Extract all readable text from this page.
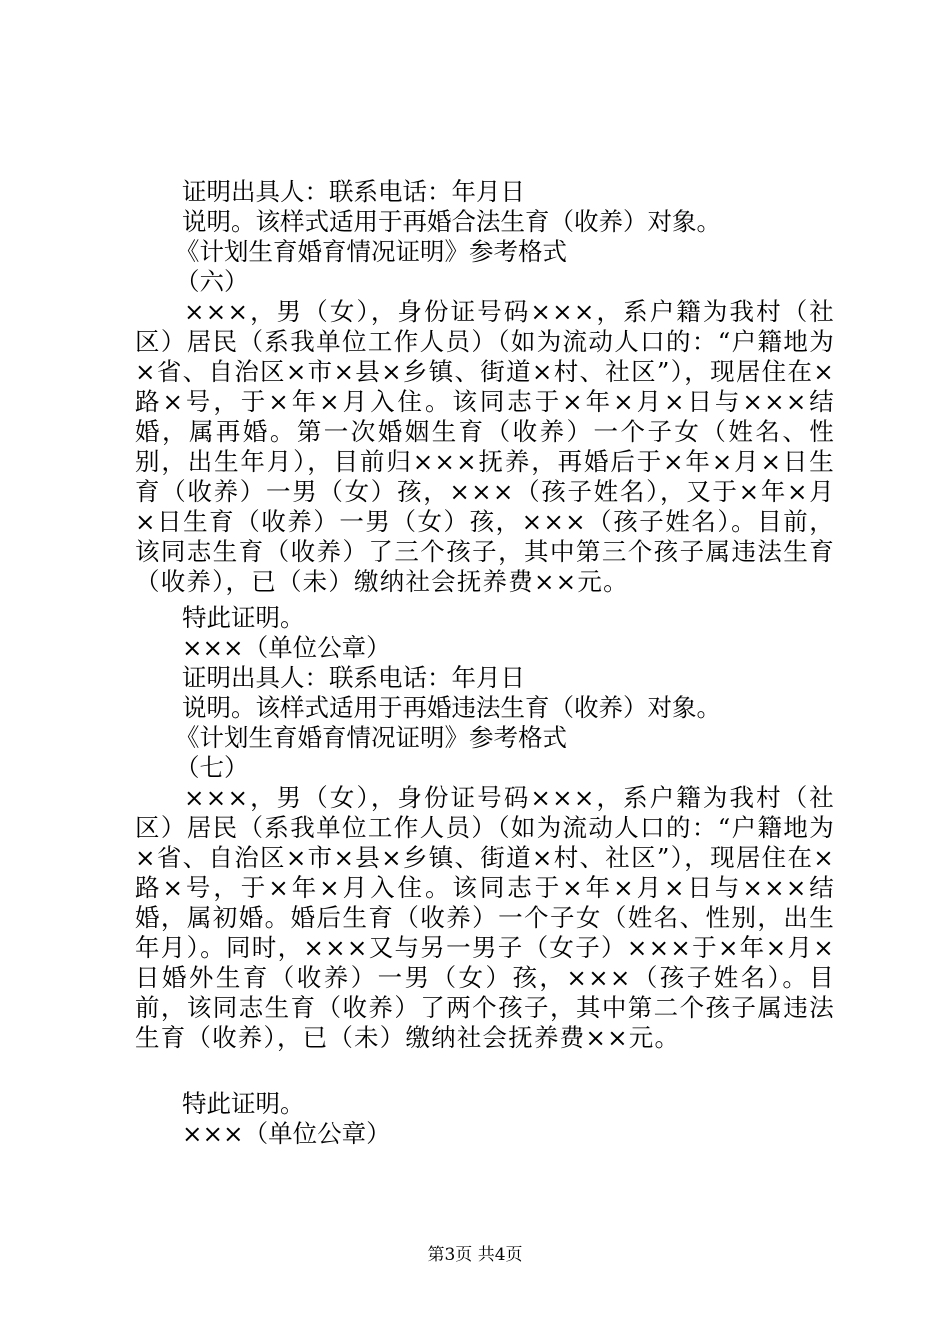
证明出具人：联系电话：年月日
说明。该样式适用于再婚合法生育（收养）对象。
《计划生育婚育情况证明》参考格式
（六）

×××，男（女），身份证号码×××，系户籍为我村（社区）居民（系我单位工作人员）（如为流动人口的：“户籍地为×省、自治区×市×县×乡镇、街道×村、社区”），现居住在×路×号，于×年×月入住。该同志于×年×月×日与×××结婚，属再婚。第一次婚姻生育（收养）一个子女（姓名、性别，出生年月），目前归×××抚养，再婚后于×年×月×日生育（收养）一男（女）孩，×××（孩子姓名），又于×年×月×日生育（收养）一男（女）孩，×××（孩子姓名）。目前，该同志生育（收养）了三个孩子，其中第三个孩子属违法生育（收养），已（未）缴纳社会抚养费××元。

特此证明。
×××（单位公章）
证明出具人：联系电话：年月日
说明。该样式适用于再婚违法生育（收养）对象。
《计划生育婚育情况证明》参考格式
（七）

×××，男（女），身份证号码×××，系户籍为我村（社区）居民（系我单位工作人员）（如为流动人口的：“户籍地为×省、自治区×市×县×乡镇、街道×村、社区”），现居住在×路×号，于×年×月入住。该同志于×年×月×日与×××结婚，属初婚。婚后生育（收养）一个子女（姓名、性别，出生年月）。同时，×××又与另一男子（女子）×××于×年×月×日婚外生育（收养）一男（女）孩，×××（孩子姓名）。目前，该同志生育（收养）了两个孩子，其中第二个孩子属违法生育（收养），已（未）缴纳社会抚养费××元。

特此证明。
×××（单位公章）
第3页 共4页
